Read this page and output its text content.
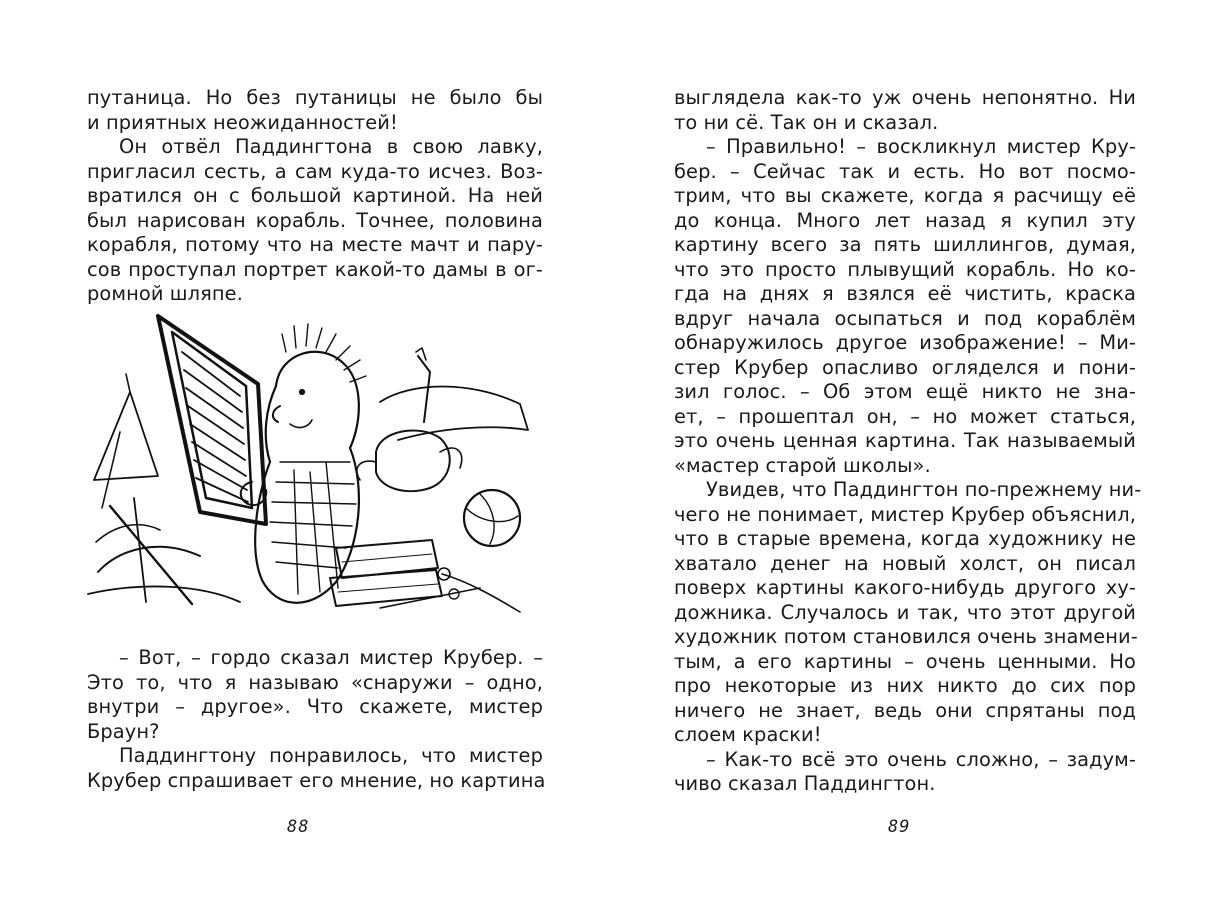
путаница. Но без путаницы не было бы
и приятных неожиданностей!
Он отвёл Паддингтона в свою лавку,
пригласил сесть, а сам куда-то исчез. Воз-
вратился он с большой картиной. На ней
был нарисован корабль. Точнее, половина
корабля, потому что на месте мачт и пару-
сов проступал портрет какой-то дамы в ог-
ромной шляпе.
– Вот, – гордо сказал мистер Крубер. –
Это то, что я называю «снаружи – одно,
внутри – другое». Что скажете, мистер
Браун?
Паддингтону понравилось, что мистер
Крубер спрашивает его мнение, но картина
88
выглядела как-то уж очень непонятно. Ни
то ни сё. Так он и сказал.
– Правильно! – воскликнул мистер Кру-
бер. – Сейчас так и есть. Но вот посмо-
трим, что вы скажете, когда я расчищу её
до конца. Много лет назад я купил эту
картину всего за пять шиллингов, думая,
что это просто плывущий корабль. Но ко-
гда на днях я взялся её чистить, краска
вдруг начала осыпаться и под кораблём
обнаружилось другое изображение! – Ми-
стер Крубер опасливо огляделся и пони-
зил голос. – Об этом ещё никто не зна-
ет, – прошептал он, – но может статься,
это очень ценная картина. Так называемый
«мастер старой школы».
Увидев, что Паддингтон по-прежнему ни-
чего не понимает, мистер Крубер объяснил,
что в старые времена, когда художнику не
хватало денег на новый холст, он писал
поверх картины какого-нибудь другого ху-
дожника. Случалось и так, что этот другой
художник потом становился очень знамени-
тым, а его картины – очень ценными. Но
про некоторые из них никто до сих пор
ничего не знает, ведь они спрятаны под
слоем краски!
– Как-то всё это очень сложно, – задум-
чиво сказал Паддингтон.
89
